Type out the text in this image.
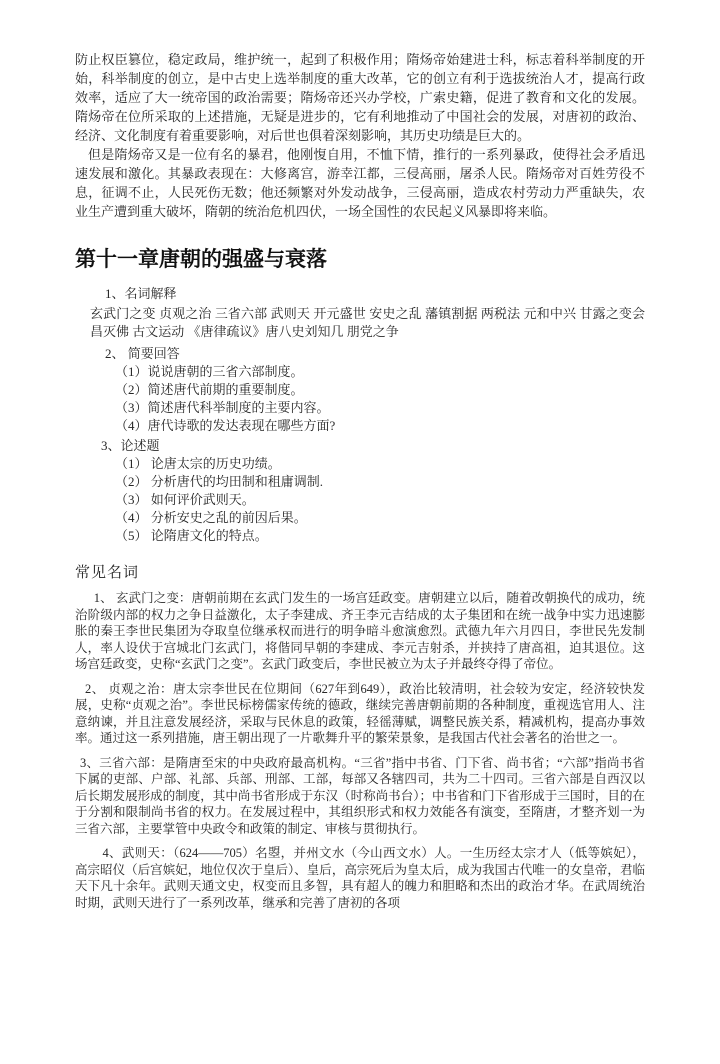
防止权臣篡位，稳定政局，维护统一，起到了积极作用；隋炀帝始建进士科，标志着科举制度的开始，科举制度的创立，是中古史上选举制度的重大改革，它的创立有利于选拔统治人才，提高行政效率，适应了大一统帝国的政治需要；隋炀帝还兴办学校，广索史籍，促进了教育和文化的发展。隋炀帝在位所采取的上述措施，无疑是进步的，它有利地推动了中国社会的发展，对唐初的政治、经济、文化制度有着重要影响，对后世也俱着深刻影响，其历史功绩是巨大的。

但是隋炀帝又是一位有名的暴君，他刚愎自用，不恤下情，推行的一系列暴政，使得社会矛盾迅速发展和激化。其暴政表现在：大修离宫，游幸江都，三侵高丽，屠杀人民。隋炀帝对百姓劳役不息，征调不止，人民死伤无数；他还频繁对外发动战争，三侵高丽，造成农村劳动力严重缺失，农业生产遭到重大破坏，隋朝的统治危机四伏，一场全国性的农民起义风暴即将来临。

第十一章唐朝的强盛与衰落

1、名词解释

玄武门之变 贞观之治 三省六部 武则天 开元盛世 安史之乱 藩镇割据 两税法 元和中兴 甘露之变会昌灭佛 古文运动 《唐律疏议》唐八史刘知几 朋党之争

2、 简要回答

（1）说说唐朝的三省六部制度。

（2）简述唐代前期的重要制度。

（3）简述唐代科举制度的主要内容。

（4）唐代诗歌的发达表现在哪些方面?

3、论述题

（1） 论唐太宗的历史功绩。

（2） 分析唐代的均田制和租庸调制.

（3） 如何评价武则天。

（4） 分析安史之乱的前因后果。

（5） 论隋唐文化的特点。

常见名词

1、 玄武门之变：唐朝前期在玄武门发生的一场宫廷政变。唐朝建立以后，随着改朝换代的成功，统治阶级内部的权力之争日益激化，太子李建成、齐王李元吉结成的太子集团和在统一战争中实力迅速膨胀的秦王李世民集团为夺取皇位继承权而进行的明争暗斗愈演愈烈。武德九年六月四日，李世民先发制人，率人设伏于宫城北门玄武门，将偕同早朝的李建成、李元吉射杀，并挟持了唐高祖，迫其退位。这场宫廷政变，史称“玄武门之变”。玄武门政变后，李世民被立为太子并最终夺得了帝位。

2、 贞观之治：唐太宗李世民在位期间（627年到649），政治比较清明，社会较为安定，经济较快发展，史称“贞观之治”。李世民标榜儒家传统的德政，继续完善唐朝前期的各种制度，重视选官用人、注意纳谏，并且注意发展经济，采取与民休息的政策，轻徭薄赋，调整民族关系，精减机构，提高办事效率。通过这一系列措施，唐王朝出现了一片歌舞升平的繁荣景象，是我国古代社会著名的治世之一。

3、三省六部：是隋唐至宋的中央政府最高机构。“三省”指中书省、门下省、尚书省；“六部”指尚书省下属的吏部、户部、礼部、兵部、刑部、工部，每部又各辖四司，共为二十四司。三省六部是自西汉以后长期发展形成的制度，其中尚书省形成于东汉（时称尚书台）；中书省和门下省形成于三国时，目的在于分割和限制尚书省的权力。在发展过程中，其组织形式和权力效能各有演变，至隋唐，才整齐划一为三省六部，主要掌管中央政令和政策的制定、审核与贯彻执行。

4、武则天：（624——705）名曌，并州文水（今山西文水）人。一生历经太宗才人（低等嫔妃），高宗昭仪（后宫嫔妃，地位仅次于皇后）、皇后，高宗死后为皇太后，成为我国古代唯一的女皇帝，君临天下凡十余年。武则天通文史，权变而且多智，具有超人的魄力和胆略和杰出的政治才华。在武周统治时期，武则天进行了一系列改革，继承和完善了唐初的各项
